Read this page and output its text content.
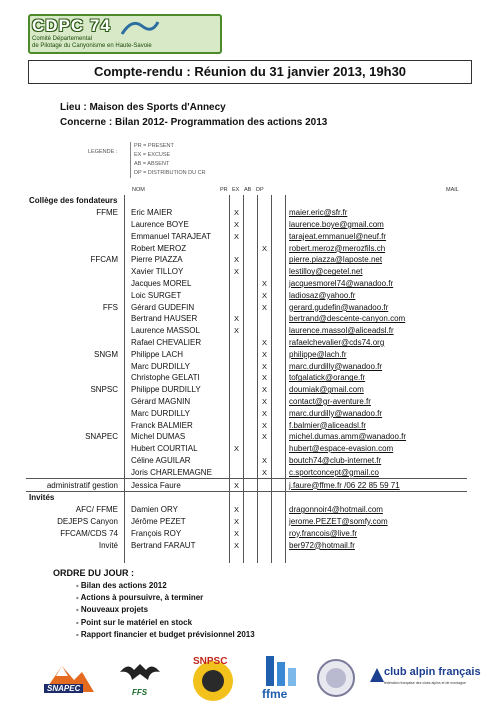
CDPC 74
Comité Départemental
de Pilotage du Canyonisme en Haute-Savoie
Compte-rendu : Réunion du 31 janvier 2013, 19h30
Lieu : Maison des Sports d'Annecy
Concerne : Bilan 2012- Programmation des actions 2013
LEGENDE :
PR = PRESENT
EX = EXCUSE
AB = ABSENT
DP = DISTRIBUTION DU CR
NOM	PR EX AB DP	MAIL
Collège des fondateurs						
FFME	Eric MAIER	X				maier.eric@sfr.fr
	Laurence BOYE	X				laurence.boye@gmail.com
	Emmanuel TARAJEAT	X				tarajeat.emmanuel@neuf.fr
	Robert MEROZ			X		robert.meroz@merozfils.ch
FFCAM	Pierre PIAZZA	X				pierre.piazza@laposte.net
	Xavier TILLOY	X				lestilloy@cegetel.net
	Jacques MOREL			X		jacquesmorel74@wanadoo.fr
	Loic SURGET			X		ladiosaz@yahoo.fr
FFS	Gérard GUDEFIN			X		gerard.gudefin@wanadoo.fr
	Bertrand HAUSER	X				bertrand@descente-canyon.com
	Laurence MASSOL	X				laurence.massol@aliceadsl.fr
	Rafael CHEVALIER			X		rafaelchevalier@cds74.org
SNGM	Philippe LACH			X		philippe@lach.fr
	Marc DURDILLY			X		marc.durdilly@wanadoo.fr
	Christophe GELATI			X		tofgalatick@orange.fr
SNPSC	Philippe DURDILLY			X		doumiak@gmail.com
	Gérard MAGNIN			X		contact@gr-aventure.fr
	Marc DURDILLY			X		marc.durdilly@wanadoo.fr
	Franck BALMIER			X		f.balmier@aliceadsl.fr
SNAPEC	Michel DUMAS			X		michel.dumas.amm@wanadoo.fr
	Hubert COURTIAL	X				hubert@espace-evasion.com
	Céline AGUILAR			X		boutch74@club-internet.fr
	Joris CHARLEMAGNE			X		c.sportconcept@gmail.co
administratif gestion	Jessica Faure	X				j.faure@ffme.fr /06 22 85 59 71
Invités						
AFC/ FFME	Damien ORY	X				dragonnoir4@hotmail.com
DEJEPS Canyon	Jérôme PEZET	X				jerome.PEZET@somfy.com
FFCAM/CDS 74	François ROY	X				roy.francois@live.fr
Invité	Bertrand FARAUT	X				ber972@hotmail.fr

ORDRE DU JOUR :
- Bilan des actions 2012
- Actions à poursuivre, à terminer
- Nouveaux projets
- Point sur le matériel en stock
- Rapport financier et budget prévisionnel 2013
SNAPEC	FFS
SNPSC
ffme
club alpin français
fédération française des clubs alpins et de montagne
